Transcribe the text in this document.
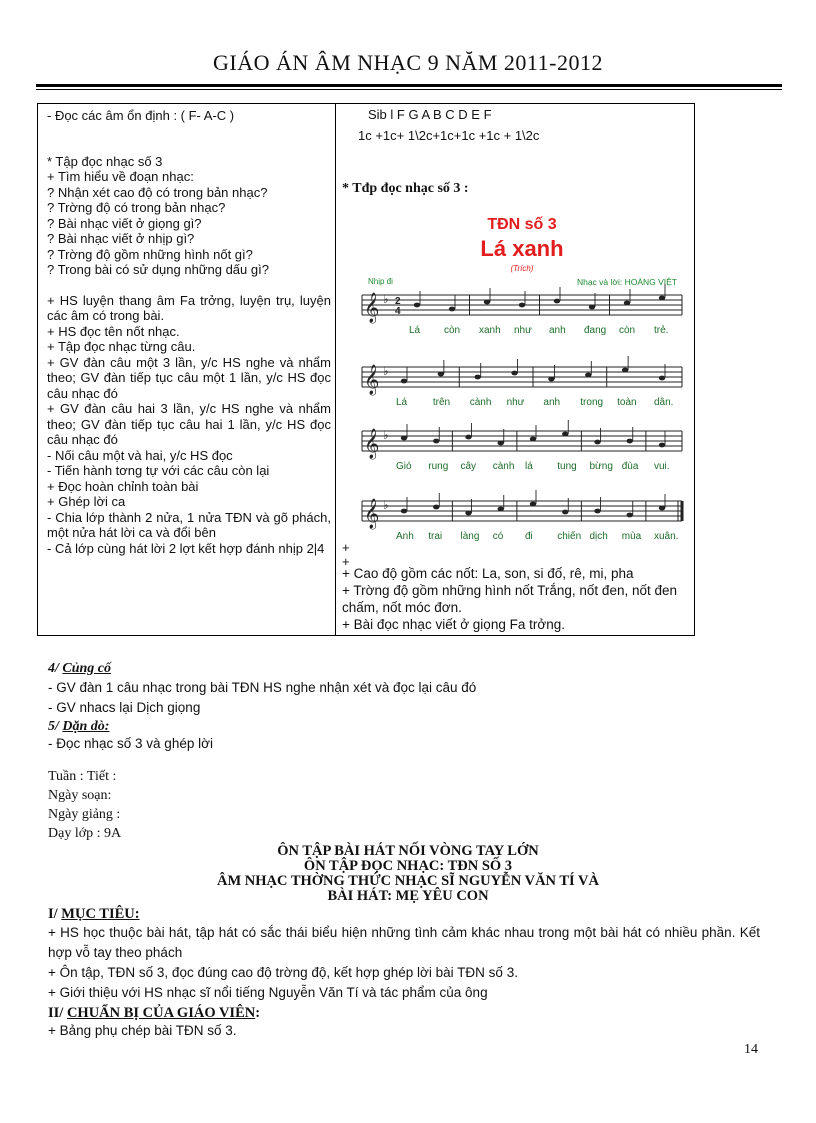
GIÁO ÁN ÂM NHẠC 9 NĂM 2011-2012
- Đọc các âm ổn định : ( F- A-C )
* Tập đọc nhạc số 3
+ Tìm hiểu về đoạn nhạc:
? Nhận xét cao độ có trong bản nhạc?
? Trờng độ có trong bản nhạc?
? Bài nhạc viết ở giọng gì?
? Bài nhạc viết ở nhịp gì?
? Trờng độ gồm những hình nốt gì?
? Trong bài có sử dụng những dấu gì?
+ HS luyện thang âm Fa trởng, luyện trụ, luyện các âm có trong bài.
+ HS đọc tên nốt nhạc.
+ Tập đọc nhạc từng câu.
+ GV đàn câu một 3 lần, y/c HS nghe và nhẩm theo; GV đàn tiếp tục câu một 1 lần, y/c HS đọc câu nhạc đó
+ GV đàn câu hai 3 lần, y/c HS nghe và nhẩm theo; GV đàn tiếp tục câu hai 1 lần, y/c HS đọc câu nhạc đó
- Nối câu một và hai, y/c HS đọc
- Tiến hành tơng tự với các câu còn lại
+ Đọc hoàn chỉnh toàn bài
+ Ghép lời ca
- Chia lớp thành 2 nửa, 1 nửa TĐN và gõ phách, một nửa hát lời ca và đổi bên
- Cả lớp cùng hát lời 2 lợt kết hợp đánh nhịp 2|4
Sib l F G A B C D E F
1c +1c+ 1\2c+1c+1c +1c + 1\2c
* Tđp đọc nhạc số 3 :
TĐN số 3
Lá xanh
(Trích)
Nhịp đi	Nhạc và lời: HOÀNG VIỆT
𝄞 ♭ 2
4
𝄞 ♭
𝄞 ♭
𝄞 ♭
Lá còn xanh như anh đang còn trẻ.
Lá	trên cành như anh trong toàn dân.
Gió rung cây cành lá tung bừng đùa vui.
Anh trai làng có đi chiến dịch mùa xuân.
+
+
+ Cao độ gồm các nốt: La, son, si đố, rê, mi, pha
+ Trờng độ gồm những hình nốt Trắng, nốt đen, nốt đen chấm, nốt móc đơn.
+ Bài đọc nhạc viết ở giọng Fa trởng.
4/ Củng cố
- GV đàn 1 câu nhạc trong bài TĐN HS nghe nhận xét và đọc lại câu đó
- GV nhacs lại Dịch giọng
5/ Dặn dò:
- Đọc nhạc số 3 và ghép lời
Tuần : Tiết :
Ngày soạn:
Ngày giảng :
Dạy lớp : 9A
ÔN TẬP BÀI HÁT NỐI VÒNG TAY LỚN
ÔN TẬP ĐỌC NHẠC: TĐN SỐ 3
ÂM NHẠC THỜNG THỨC NHẠC SĨ NGUYỄN VĂN TÍ VÀ
BÀI HÁT: MẸ YÊU CON
I/ MỤC TIÊU:
+ HS học thuộc bài hát, tập hát có sắc thái biểu hiện những tình cảm khác nhau trong một bài hát có nhiều phần. Kết hợp vỗ tay theo phách
+ Ôn tập, TĐN số 3, đọc đúng cao độ trờng độ, kết hợp ghép lời bài TĐN số 3.
+ Giới thiệu với HS nhạc sĩ nổi tiếng Nguyễn Văn Tí và tác phẩm của ông
II/ CHUẨN BỊ CỦA GIÁO VIÊN:
+ Bảng phụ chép bài TĐN số 3.
14
